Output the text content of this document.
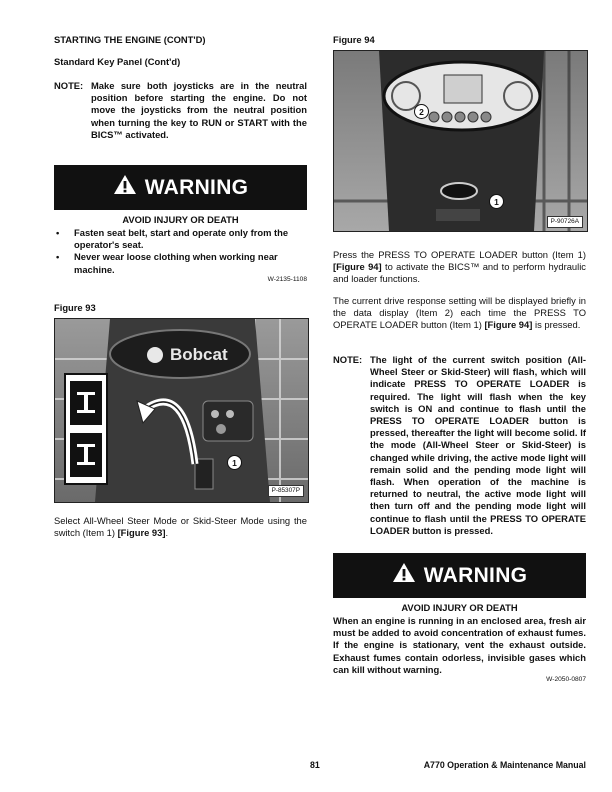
STARTING THE ENGINE (CONT'D)
Standard Key Panel (Cont'd)
NOTE: Make sure both joysticks are in the neutral position before starting the engine. Do not move the joysticks from the neutral position when turning the key to RUN or START with the BICS™ activated.
WARNING
AVOID INJURY OR DEATH
• Fasten seat belt, start and operate only from the operator's seat.
• Never wear loose clothing when working near machine.
W-2135-1108
Figure 93
Bobcat
1
P-85307P
Select All-Wheel Steer Mode or Skid-Steer Mode using the switch (Item 1) [Figure 93].
Figure 94
2
1
P-90726A
Press the PRESS TO OPERATE LOADER button (Item 1) [Figure 94] to activate the BICS™ and to perform hydraulic and loader functions.
The current drive response setting will be displayed briefly in the data display (Item 2) each time the PRESS TO OPERATE LOADER button (Item 1) [Figure 94] is pressed.
NOTE: The light of the current switch position (All-Wheel Steer or Skid-Steer) will flash, which will indicate PRESS TO OPERATE LOADER is required. The light will flash when the key switch is ON and continue to flash until the PRESS TO OPERATE LOADER button is pressed, thereafter the light will become solid. If the mode (All-Wheel Steer or Skid-Steer) is changed while driving, the active mode light will remain solid and the pending mode light will flash. When operation of the machine is returned to neutral, the active mode light will then turn off and the pending mode light will continue to flash until the PRESS TO OPERATE LOADER button is pressed.
WARNING
AVOID INJURY OR DEATH
When an engine is running in an enclosed area, fresh air must be added to avoid concentration of exhaust fumes. If the engine is stationary, vent the exhaust outside. Exhaust fumes contain odorless, invisible gases which can kill without warning.
W-2050-0807
81	A770 Operation & Maintenance Manual
